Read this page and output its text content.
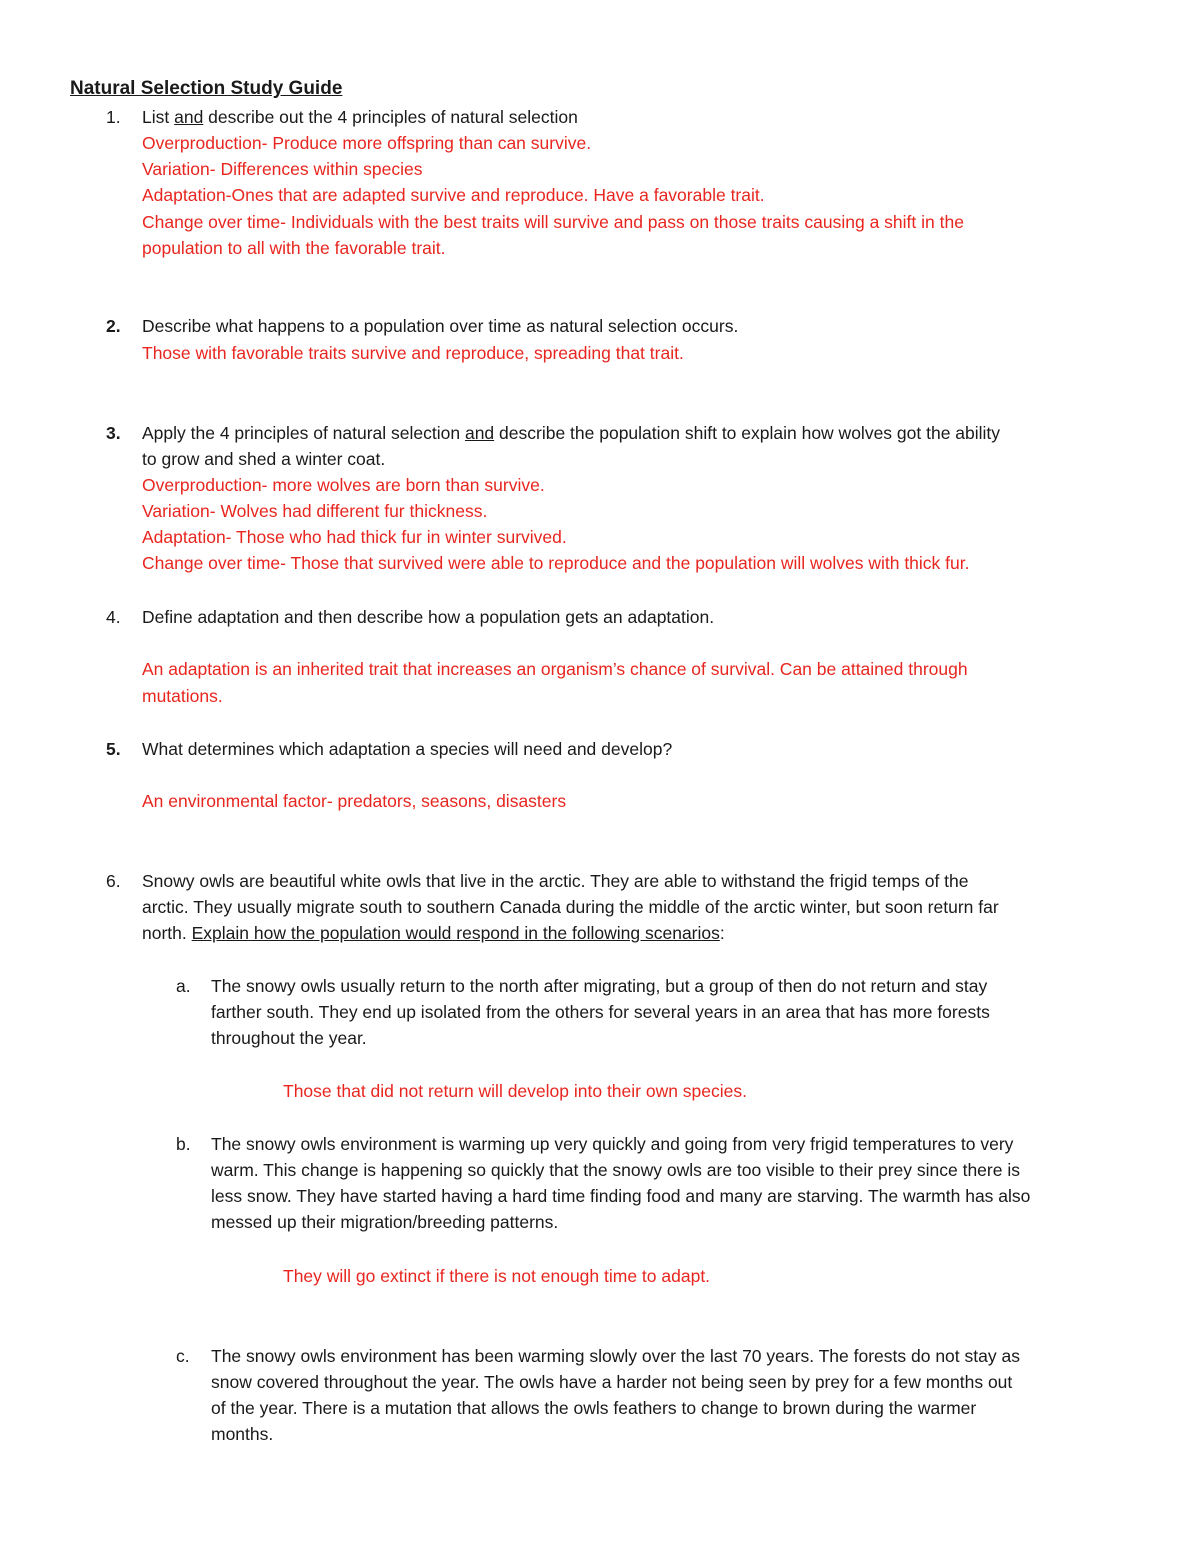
Natural Selection Study Guide
1. List and describe out the 4 principles of natural selection
Overproduction- Produce more offspring than can survive.
Variation- Differences within species
Adaptation-Ones that are adapted survive and reproduce. Have a favorable trait.
Change over time- Individuals with the best traits will survive and pass on those traits causing a shift in the
population to all with the favorable trait.
2. Describe what happens to a population over time as natural selection occurs.
Those with favorable traits survive and reproduce, spreading that trait.
3. Apply the 4 principles of natural selection and describe the population shift to explain how wolves got the ability
to grow and shed a winter coat.
Overproduction- more wolves are born than survive.
Variation- Wolves had different fur thickness.
Adaptation- Those who had thick fur in winter survived.
Change over time- Those that survived were able to reproduce and the population will wolves with thick fur.
4. Define adaptation and then describe how a population gets an adaptation.
An adaptation is an inherited trait that increases an organism’s chance of survival. Can be attained through
mutations.
5. What determines which adaptation a species will need and develop?
An environmental factor- predators, seasons, disasters
6. Snowy owls are beautiful white owls that live in the arctic. They are able to withstand the frigid temps of the
arctic. They usually migrate south to southern Canada during the middle of the arctic winter, but soon return far
north. Explain how the population would respond in the following scenarios:
a. The snowy owls usually return to the north after migrating, but a group of then do not return and stay
farther south. They end up isolated from the others for several years in an area that has more forests
throughout the year.
Those that did not return will develop into their own species.
b. The snowy owls environment is warming up very quickly and going from very frigid temperatures to very
warm. This change is happening so quickly that the snowy owls are too visible to their prey since there is
less snow. They have started having a hard time finding food and many are starving. The warmth has also
messed up their migration/breeding patterns.
They will go extinct if there is not enough time to adapt.
c. The snowy owls environment has been warming slowly over the last 70 years. The forests do not stay as
snow covered throughout the year. The owls have a harder not being seen by prey for a few months out
of the year. There is a mutation that allows the owls feathers to change to brown during the warmer
months.
